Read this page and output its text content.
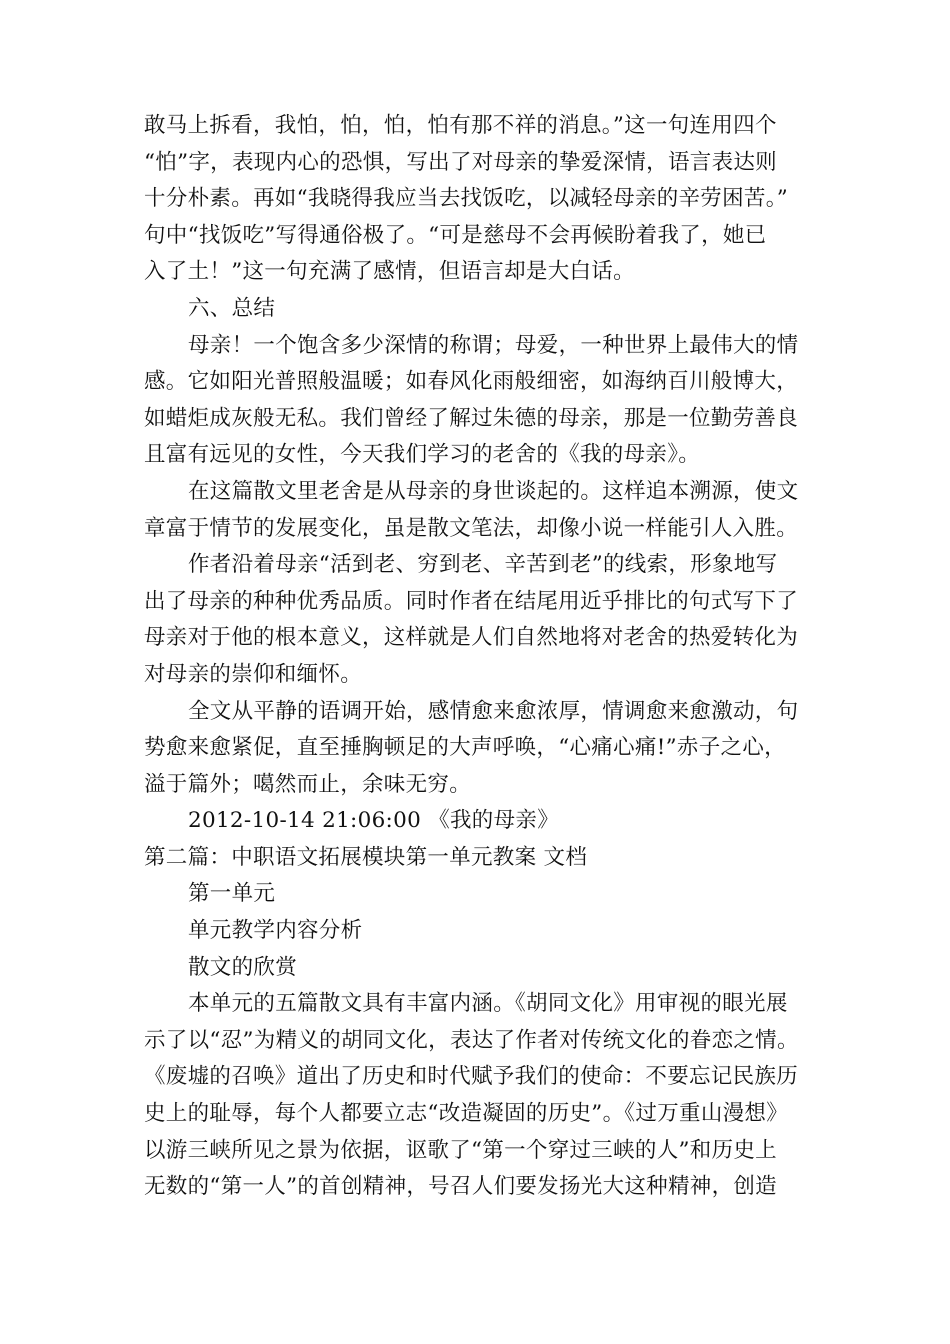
敢马上拆看，我怕，怕，怕，怕有那不祥的消息。”这一句连用四个
“怕”字，表现内心的恐惧，写出了对母亲的挚爱深情，语言表达则
十分朴素。再如“我晓得我应当去找饭吃，以减轻母亲的辛劳困苦。”
句中“找饭吃”写得通俗极了。“可是慈母不会再候盼着我了，她已
入了土！”这一句充满了感情，但语言却是大白话。
六、总结
母亲！一个饱含多少深情的称谓；母爱，一种世界上最伟大的情
感。它如阳光普照般温暖；如春风化雨般细密，如海纳百川般博大，
如蜡炬成灰般无私。我们曾经了解过朱德的母亲，那是一位勤劳善良
且富有远见的女性，今天我们学习的老舍的《我的母亲》。
在这篇散文里老舍是从母亲的身世谈起的。这样追本溯源，使文
章富于情节的发展变化，虽是散文笔法，却像小说一样能引人入胜。
作者沿着母亲“活到老、穷到老、辛苦到老”的线索，形象地写
出了母亲的种种优秀品质。同时作者在结尾用近乎排比的句式写下了
母亲对于他的根本意义，这样就是人们自然地将对老舍的热爱转化为
对母亲的崇仰和缅怀。
全文从平静的语调开始，感情愈来愈浓厚，情调愈来愈激动，句
势愈来愈紧促，直至捶胸顿足的大声呼唤，“心痛心痛!”赤子之心，
溢于篇外；噶然而止，余味无穷。
2012-10-14 21:06:00 《我的母亲》
第二篇：中职语文拓展模块第一单元教案 文档
第一单元
单元教学内容分析
散文的欣赏
本单元的五篇散文具有丰富内涵。《胡同文化》用审视的眼光展
示了以“忍”为精义的胡同文化，表达了作者对传统文化的眷恋之情。
《废墟的召唤》道出了历史和时代赋予我们的使命：不要忘记民族历
史上的耻辱，每个人都要立志“改造凝固的历史”。《过万重山漫想》
以游三峡所见之景为依据，讴歌了“第一个穿过三峡的人”和历史上
无数的“第一人”的首创精神，号召人们要发扬光大这种精神，创造
